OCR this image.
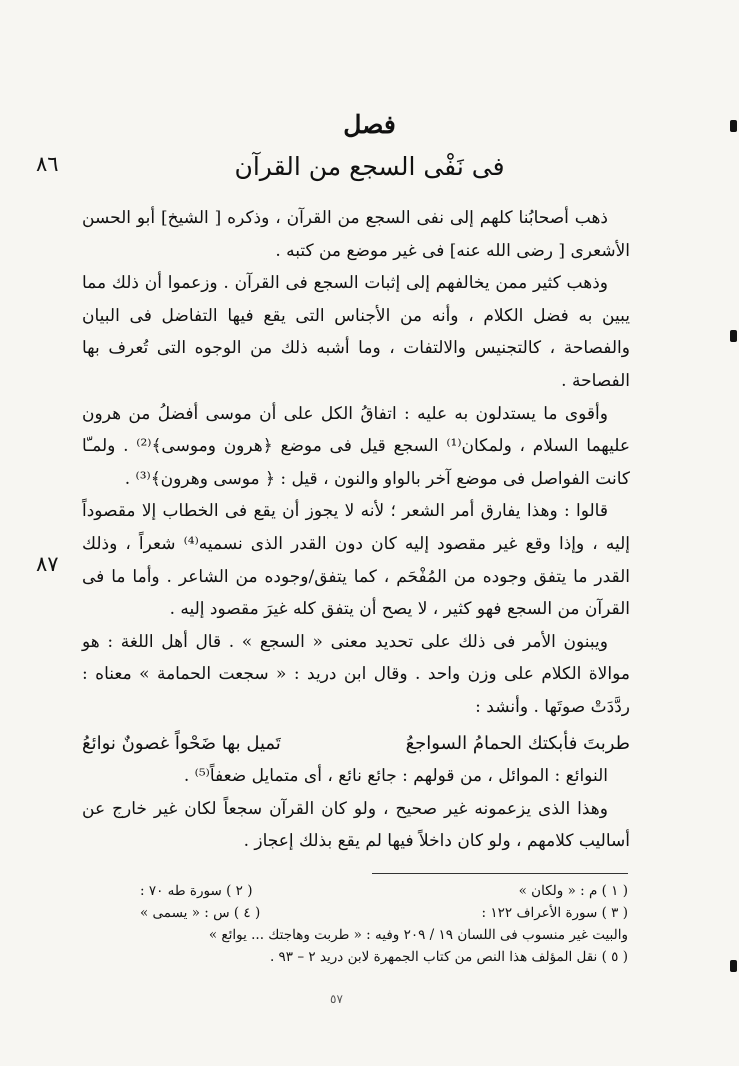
٨٦
٨٧
فصل
فى نَفْى السجع من القرآن

ذهب أصحابُنا كلهم إلى نفى السجع من القرآن ، وذكره [ الشيخ] أبو الحسن الأشعرى [ رضى الله عنه] فى غير موضع من كتبه .

وذهب كثير ممن يخالفهم إلى إثبات السجع فى القرآن . وزعموا أن ذلك مما يبين به فضل الكلام ، وأنه من الأجناس التى يقع فيها التفاضل فى البيان والفصاحة ، كالتجنيس والالتفات ، وما أشبه ذلك من الوجوه التى تُعرف بها الفصاحة .

وأقوى ما يستدلون به عليه : اتفاقُ الكل على أن موسى أفضلُ من هرون عليهما السلام ، ولمكان⁽¹⁾ السجع قيل فى موضع ﴿هرون وموسى﴾⁽²⁾ . ولمـّا كانت الفواصل فى موضع آخر بالواو والنون ، قيل : ﴿ موسى وهرون﴾⁽³⁾ .

قالوا : وهذا يفارق أمر الشعر ؛ لأنه لا يجوز أن يقع فى الخطاب إلا مقصوداً إليه ، وإذا وقع غير مقصود إليه كان دون القدر الذى نسميه⁽⁴⁾ شعراً ، وذلك القدر ما يتفق وجوده من المُفْحَم ، كما يتفق/وجوده من الشاعر . وأما ما فى القرآن من السجع فهو كثير ، لا يصح أن يتفق كله غيرَ مقصود إليه .

ويبنون الأمر فى ذلك على تحديد معنى « السجع » . قال أهل اللغة : هو موالاة الكلام على وزن واحد . وقال ابن دريد : « سجعت الحمامة » معناه : ردَّدَتْ صوتَها . وأنشد :

طربتَ فأبكتك الحمامُ السواجعُ
تَميل بها ضَحْواً غصونٌ نوائعُ

النوائع : الموائل ، من قولهم : جائع نائع ، أى متمايل ضعفاً⁽⁵⁾ .

وهذا الذى يزعمونه غير صحيح ، ولو كان القرآن سجعاً لكان غير خارج عن أساليب كلامهم ، ولو كان داخلاً فيها لم يقع بذلك إعجاز .

( ١ ) م : « ولكان »
( ٢ ) سورة طه ٧٠ :
( ٣ ) سورة الأعراف ١٢٢ :
( ٤ ) س : « يسمى »
والبيت غير منسوب فى اللسان ١٩ / ٢٠٩ وفيه : « طربت وهاجتك ... يوائع »
( ٥ ) نقل المؤلف هذا النص من كتاب الجمهرة لابن دريد ٢ – ٩٣ .
٥٧
